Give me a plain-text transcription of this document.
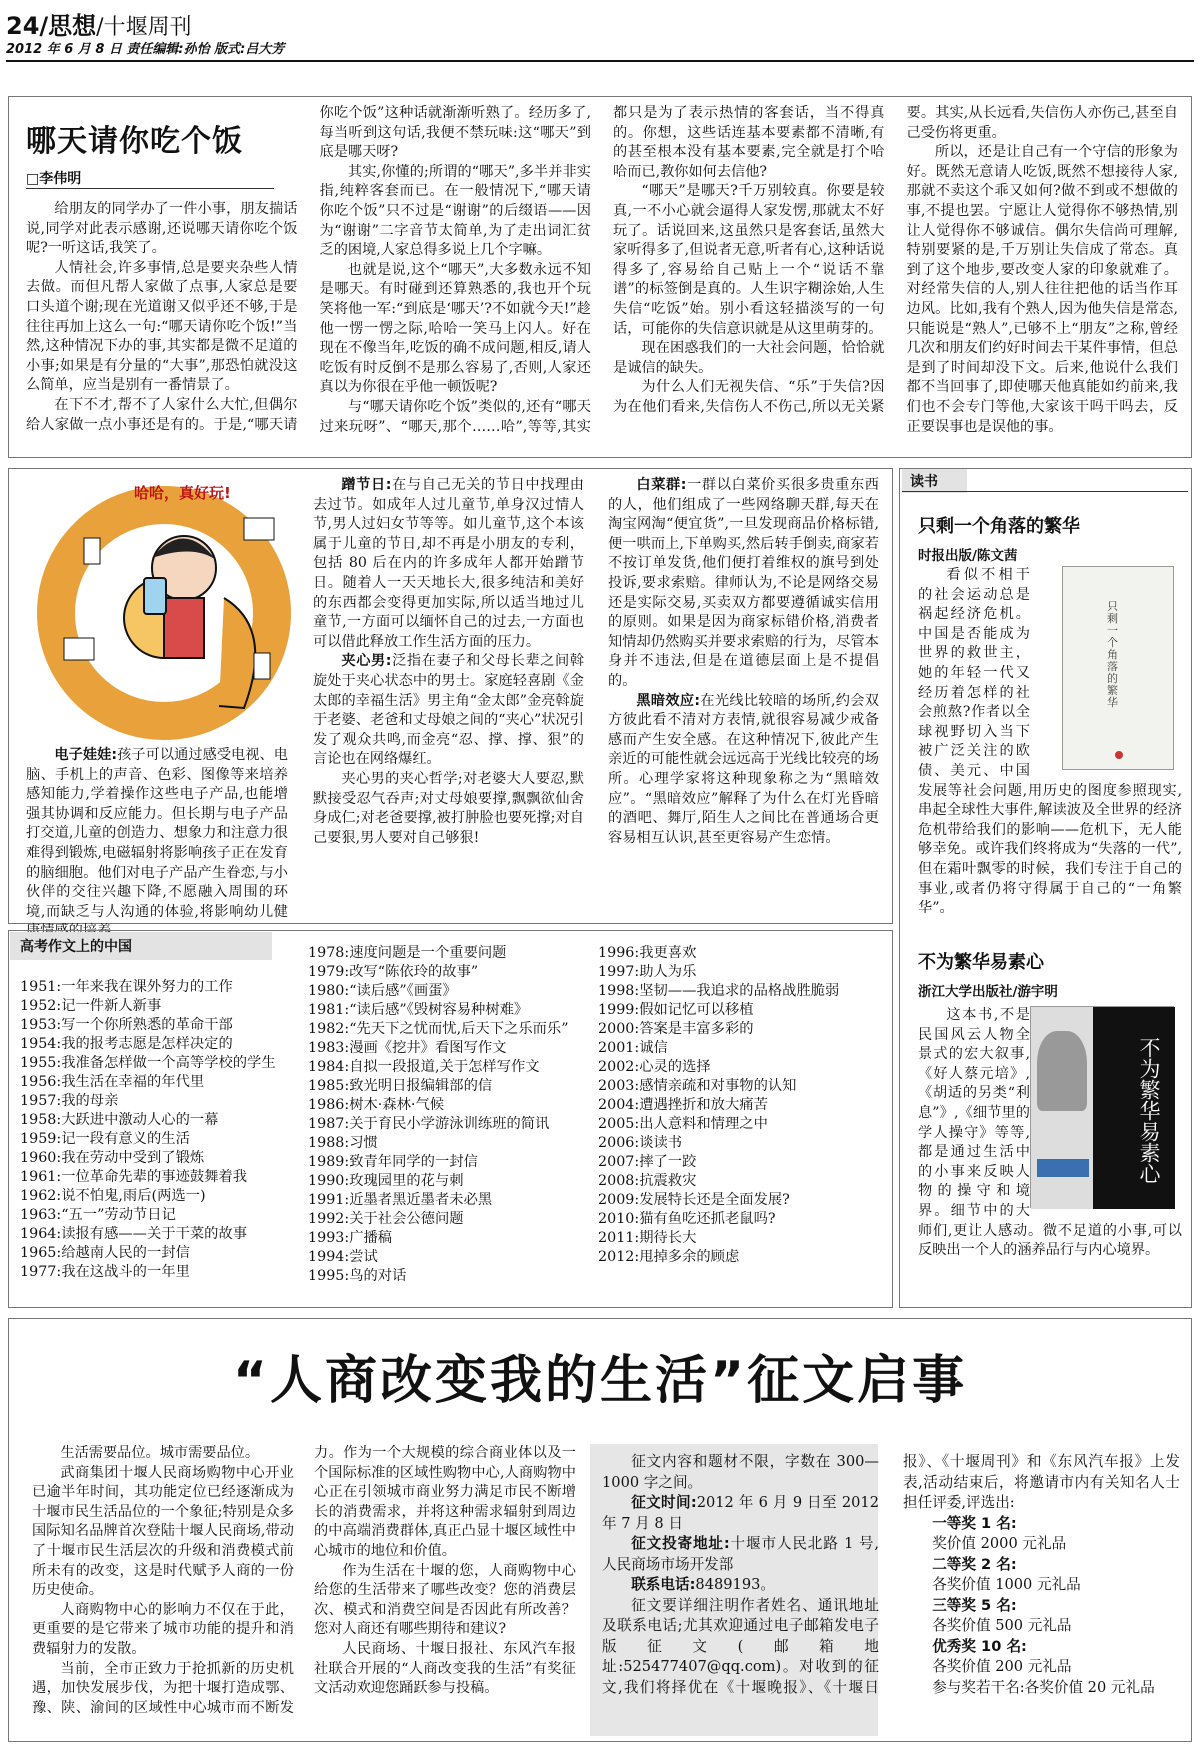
24/思想/十堰周刊
2012 年 6 月 8 日 责任编辑:孙怡 版式:吕大芳
哪天请你吃个饭
□李伟明

给朋友的同学办了一件小事，朋友揣话说,同学对此表示感谢,还说哪天请你吃个饭呢?一听这话,我笑了。

人情社会,许多事情,总是要夹杂些人情去做。而但凡帮人家做了点事,人家总是要口头道个谢;现在光道谢又似乎还不够,于是往往再加上这么一句:“哪天请你吃个饭!”当然,这种情况下办的事,其实都是微不足道的小事;如果是有分量的“大事”,那恐怕就没这么简单，应当是别有一番情景了。

在下不才,帮不了人家什么大忙,但偶尔给人家做一点小事还是有的。于是,“哪天请你吃个饭”这种话就渐渐听熟了。经历多了,每当听到这句话,我便不禁玩味:这“哪天”到底是哪天呀?

其实,你懂的;所谓的“哪天”,多半并非实指,纯粹客套而已。在一般情况下,“哪天请你吃个饭”只不过是“谢谢”的后缀语——因为“谢谢”二字音节太简单,为了走出词汇贫乏的困境,人家总得多说上几个字嘛。

也就是说,这个“哪天”,大多数永远不知是哪天。有时碰到还算熟悉的,我也开个玩笑将他一军:“到底是‘哪天’?不如就今天!”趁他一愣一愣之际,哈哈一笑马上闪人。好在现在不像当年,吃饭的确不成问题,相反,请人吃饭有时反倒不是那么容易了,否则,人家还真以为你很在乎他一顿饭呢?

与“哪天请你吃个饭”类似的,还有“哪天过来玩呀”、“哪天,那个……哈”,等等,其实都只是为了表示热情的客套话，当不得真的。你想，这些话连基本要素都不清晰,有的甚至根本没有基本要素,完全就是打个哈哈而已,教你如何去信他?

“哪天”是哪天?千万别较真。你要是较真,一不小心就会逼得人家发愣,那就太不好玩了。话说回来,这虽然只是客套话,虽然大家听得多了,但说者无意,听者有心,这种话说得多了,容易给自己贴上一个“说话不靠谱”的标签倒是真的。人生识字糊涂始,人生失信“吃饭”始。别小看这轻描淡写的一句话，可能你的失信意识就是从这里萌芽的。

现在困惑我们的一大社会问题，恰恰就是诚信的缺失。

为什么人们无视失信、“乐”于失信?因为在他们看来,失信伤人不伤己,所以无关紧要。其实,从长远看,失信伤人亦伤己,甚至自己受伤将更重。

所以，还是让自己有一个守信的形象为好。既然无意请人吃饭,既然不想接待人家,那就不卖这个乖又如何?做不到或不想做的事,不提也罢。宁愿让人觉得你不够热情,别让人觉得你不够诚信。偶尔失信尚可理解,特别要紧的是,千万别让失信成了常态。真到了这个地步,要改变人家的印象就难了。对经常失信的人,别人往往把他的话当作耳边风。比如,我有个熟人,因为他失信是常态,只能说是“熟人”,已够不上“朋友”之称,曾经几次和朋友们约好时间去干某件事情，但总是到了时间却没下文。后来,他说什么我们都不当回事了,即使哪天他真能如约前来,我们也不会专门等他,大家该干吗干吗去，反正要误事也是误他的事。

哈哈，真好玩!

电子娃娃:孩子可以通过感受电视、电脑、手机上的声音、色彩、图像等来培养感知能力,学着操作这些电子产品,也能增强其协调和反应能力。但长期与电子产品打交道,儿童的创造力、想象力和注意力很难得到锻炼,电磁辐射将影响孩子正在发育的脑细胞。他们对电子产品产生眷恋,与小伙伴的交往兴趣下降,不愿融入周围的环境,而缺乏与人沟通的体验,将影响幼儿健

蹭节日:在与自己无关的节日中找理由去过节。如成年人过儿童节,单身汉过情人节,男人过妇女节等等。如儿童节,这个本该属于儿童的节日,却不再是小朋友的专利，包括 80 后在内的许多成年人都开始蹭节日。随着人一天天地长大,很多纯洁和美好的东西都会变得更加实际,所以适当地过儿童节,一方面可以缅怀自己的过去,一方面也可以借此释放工作生活方面的压力。

夹心男:泛指在妻子和父母长辈之间斡旋处于夹心状态中的男士。家庭轻喜剧《金太郎的幸福生活》男主角“金太郎”金亮斡旋于老婆、老爸和丈母娘之间的“夹心”状况引发了观众共鸣,而金亮“忍、撑、撑、狠”的言论也在网络爆红。

夹心男的夹心哲学;对老婆大人要忍,默默接受忍气吞声;对丈母娘要撑,飘飘欲仙舍身成仁;对老爸要撑,被打肿脸也要死撑;对自己要狠,男人要对自己够狠!

白菜群:一群以白菜价买很多贵重东西的人，他们组成了一些网络聊天群,每天在淘宝网淘“便宜货”,一旦发现商品价格标错,便一哄而上,下单购买,然后转手倒卖,商家若不按订单发货,他们便打着维权的旗号到处投诉,要求索赔。律师认为,不论是网络交易还是实际交易,买卖双方都要遵循诚实信用的原则。如果是因为商家标错价格,消费者知情却仍然购买并要求索赔的行为，尽管本身并不违法,但是在道德层面上是不提倡的。

黑暗效应:在光线比较暗的场所,约会双方彼此看不清对方表情,就很容易减少戒备感而产生安全感。在这种情况下,彼此产生亲近的可能性就会远远高于光线比较亮的场所。心理学家将这种现象称之为“黑暗效应”。“黑暗效应”解释了为什么在灯光昏暗的酒吧、舞厅,陌生人之间比在普通场合更容易相互认识,甚至更容易产生恋情。

高考作文上的中国
1951:一年来我在课外努力的工作
1952:记一件新人新事
1953:写一个你所熟悉的革命干部
1954:我的报考志愿是怎样决定的
1955:我准备怎样做一个高等学校的学生
1956:我生活在幸福的年代里
1957:我的母亲
1958:大跃进中激动人心的一幕
1959:记一段有意义的生活
1960:我在劳动中受到了锻炼
1961:一位革命先辈的事迹鼓舞着我
1962:说不怕鬼,雨后(两选一)
1963:“五一”劳动节日记
1964:读报有感——关于干菜的故事
1965:给越南人民的一封信
1977:我在这战斗的一年里
1978:速度问题是一个重要问题
1979:改写“陈依玲的故事”
1980:“读后感”《画蛋》
1981:“读后感”《毁树容易种树难》
1982:“先天下之忧而忧,后天下之乐而乐”
1983:漫画《挖井》看图写作文
1984:自拟一段报道,关于怎样写作文
1985:致光明日报编辑部的信
1986:树木·森林·气候
1987:关于育民小学游泳训练班的简讯
1988:习惯
1989:致青年同学的一封信
1990:玫瑰园里的花与刺
1991:近墨者黑近墨者未必黑
1992:关于社会公德问题
1993:广播稿
1994:尝试
1995:鸟的对话
1996:我更喜欢
1997:助人为乐
1998:坚韧——我追求的品格战胜脆弱
1999:假如记忆可以移植
2000:答案是丰富多彩的
2001:诚信
2002:心灵的选择
2003:感情亲疏和对事物的认知
2004:遭遇挫折和放大痛苦
2005:出人意料和情理之中
2006:谈读书
2007:摔了一跤
2008:抗震救灾
2009:发展特长还是全面发展?
2010:猫有鱼吃还抓老鼠吗?
2011:期待长大
2012:甩掉多余的顾虑
读书
只剩一个角落的繁华
时报出版/陈文茜
只剩一个角落的繁华

看似不相干的社会运动总是祸起经济危机。中国是否能成为世界的救世主，她的年轻一代又经历着怎样的社会煎熬?作者以全球视野切入当下被广泛关注的欧债、美元、中国发展等社会问题,用历史的图度参照现实,串起全球性大事件,解读波及全世界的经济危机带给我们的影响——危机下，无人能够幸免。或许我们终将成为“失落的一代”,但在霜叶飘零的时候，我们专注于自己的事业,或者仍将守得属于自己的“一角繁华”。

不为繁华易素心
浙江大学出版社/游宇明
不为繁华易素心

这本书,不是民国风云人物全景式的宏大叙事,《好人蔡元培》,《胡适的另类“利息”》,《细节里的学人操守》等等,都是通过生活中的小事来反映人物的操守和境界。细节中的大师们,更让人感动。微不足道的小事,可以反映出一个人的涵养品行与内心境界。

“人商改变我的生活”征文启事

生活需要品位。城市需要品位。

武商集团十堰人民商场购物中心开业已逾半年时间，其功能定位已经逐渐成为十堰市民生活品位的一个象征;特别是众多国际知名品牌首次登陆十堰人民商场,带动了十堰市民生活层次的升级和消费模式前所未有的改变，这是时代赋予人商的一份历史使命。

人商购物中心的影响力不仅在于此，更重要的是它带来了城市功能的提升和消费辐射力的发散。

当前，全市正致力于抢抓新的历史机遇，加快发展步伐，为把十堰打造成鄂、豫、陕、渝间的区域性中心城市而不断发力。作为一个大规模的综合商业体以及一个国际标准的区域性购物中心,人商购物中心正在引领城市商业努力满足市民不断增长的消费需求，并将这种需求辐射到周边的中高端消费群体,真正凸显十堰区域性中心城市的地位和价值。

作为生活在十堰的您，人商购物中心给您的生活带来了哪些改变？您的消费层次、模式和消费空间是否因此有所改善？您对人商还有哪些期待和建议?

人民商场、十堰日报社、东风汽车报社联合开展的“人商改变我的生活”有奖征文活动欢迎您踊跃参与投稿。

征文内容和题材不限，字数在 300—1000 字之间。

征文时间:2012 年 6 月 9 日至 2012 年 7 月 8 日

征文投寄地址:十堰市人民北路 1 号,人民商场市场开发部

联系电话:8489193。

征文要详细注明作者姓名、通讯地址及联系电话;尤其欢迎通过电子邮箱发电子版征文(邮箱地址:525477407@qq.com)。对收到的征文,我们将择优在《十堰晚报》、《十堰日报》、《十堰周刊》和《东风汽车报》上发表,活动结束后，将邀请市内有关知名人士担任评委,评选出:

一等奖 1 名:

奖价值 2000 元礼品

二等奖 2 名:

各奖价值 1000 元礼品

三等奖 5 名:

各奖价值 500 元礼品

优秀奖 10 名:

各奖价值 200 元礼品

参与奖若干名:各奖价值 20 元礼品
